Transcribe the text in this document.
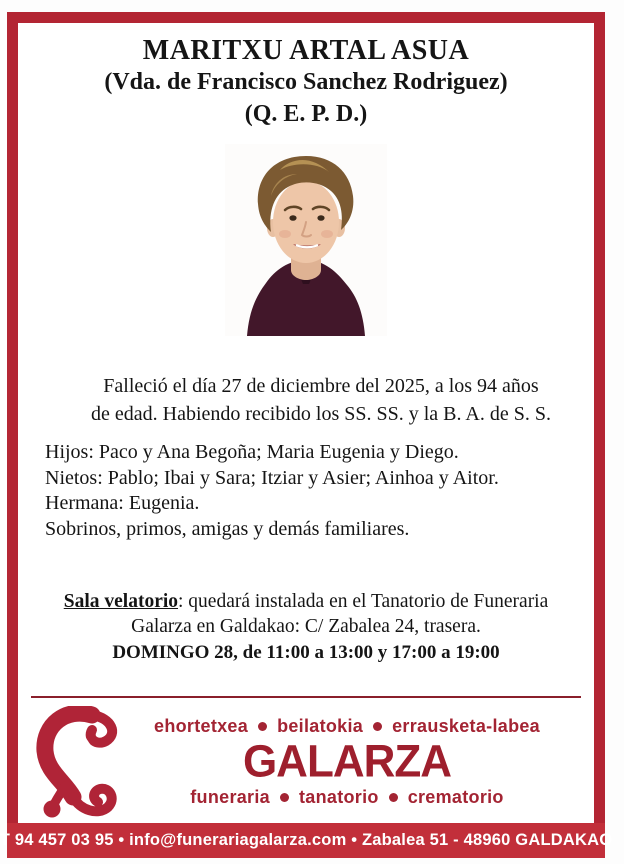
MARITXU ARTAL ASUA
(Vda. de Francisco Sanchez Rodriguez)
(Q. E. P. D.)
Falleció el día 27 de diciembre del 2025, a los 94 años
de edad. Habiendo recibido los SS. SS. y la B. A. de S. S.
Hijos: Paco y Ana Begoña; Maria Eugenia y Diego.
Nietos: Pablo; Ibai y Sara; Itziar y Asier; Ainhoa y Aitor.
Hermana: Eugenia.
Sobrinos, primos, amigas y demás familiares.
Sala velatorio: quedará instalada en el Tanatorio de Funeraria
Galarza en Galdakao: C/ Zabalea 24, trasera.
DOMINGO 28, de 11:00 a 13:00 y 17:00 a 19:00
ehortetxea beilatokia errausketa-labea
GALARZA
funeraria tanatorio crematorio
T 94 457 03 95 • info@funerariagalarza.com • Zabalea 51 - 48960 GALDAKAO
